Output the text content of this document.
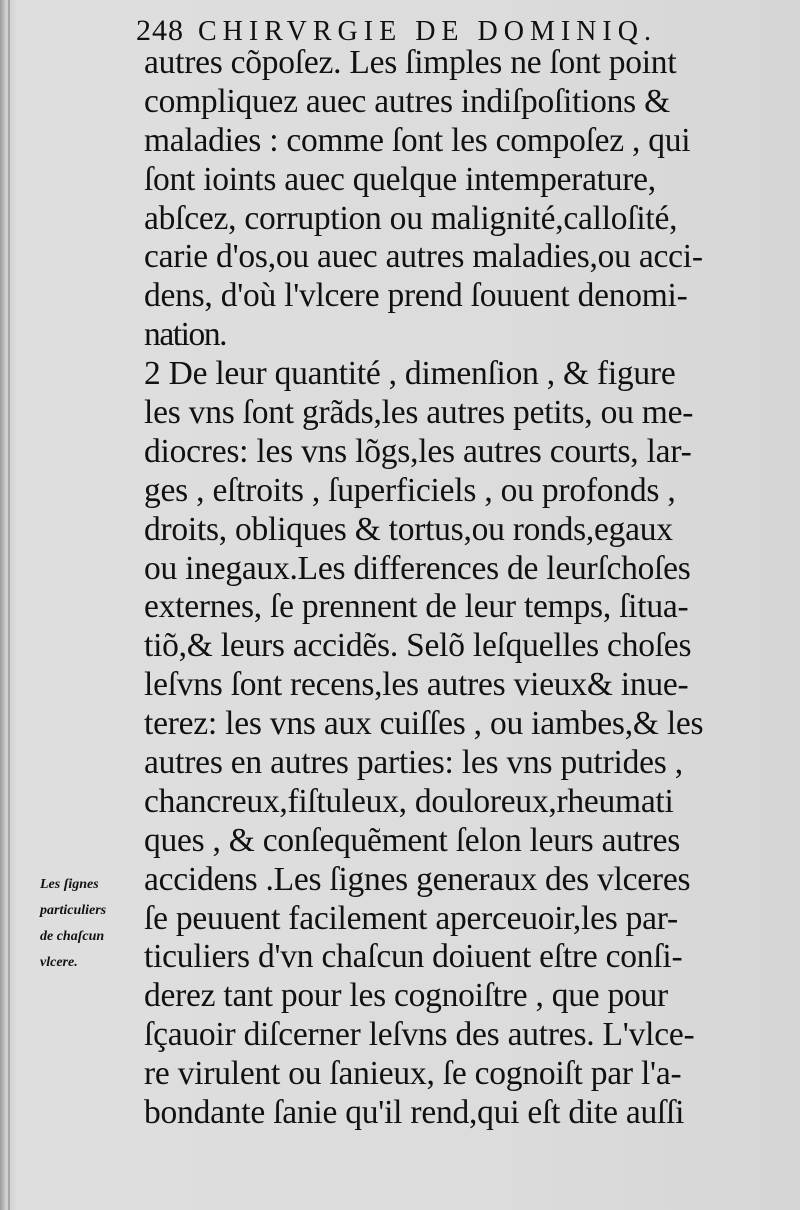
248 CHIRVRGIE DE DOMINIQ.
autres cõpoſez. Les ſimples ne ſont point
compliquez auec autres indiſpoſitions &
maladies : comme ſont les compoſez , qui
ſont ioints auec quelque intemperature,
abſcez, corruption ou malignité,calloſité,
carie d'os,ou auec autres maladies,ou acci-
dens, d'où l'vlcere prend ſouuent denomi-
nation.
2 De leur quantité , dimenſion , & figure
les vns ſont grãds,les autres petits, ou me-
diocres: les vns lõgs,les autres courts, lar-
ges , eſtroits , ſuperficiels , ou profonds ,
droits, obliques & tortus,ou ronds,egaux
ou inegaux.Les differences de leurſchoſes
externes, ſe prennent de leur temps, ſitua-
tiõ,& leurs accidẽs. Selõ leſquelles choſes
leſvns ſont recens,les autres vieux& inue-
terez: les vns aux cuiſſes , ou iambes,& les
autres en autres parties: les vns putrides ,
chancreux,fiſtuleux, douloreux,rheumati
ques , & conſequẽment ſelon leurs autres
accidens .Les ſignes generaux des vlceres
ſe peuuent facilement aperceuoir,les par-
ticuliers d'vn chaſcun doiuent eſtre conſi-
derez tant pour les cognoiſtre , que pour
ſçauoir diſcerner leſvns des autres. L'vlce-
re virulent ou ſanieux, ſe cognoiſt par l'a-
bondante ſanie qu'il rend,qui eſt dite auſſi
Les ſignes
particuliers
de chaſcun
vlcere.
